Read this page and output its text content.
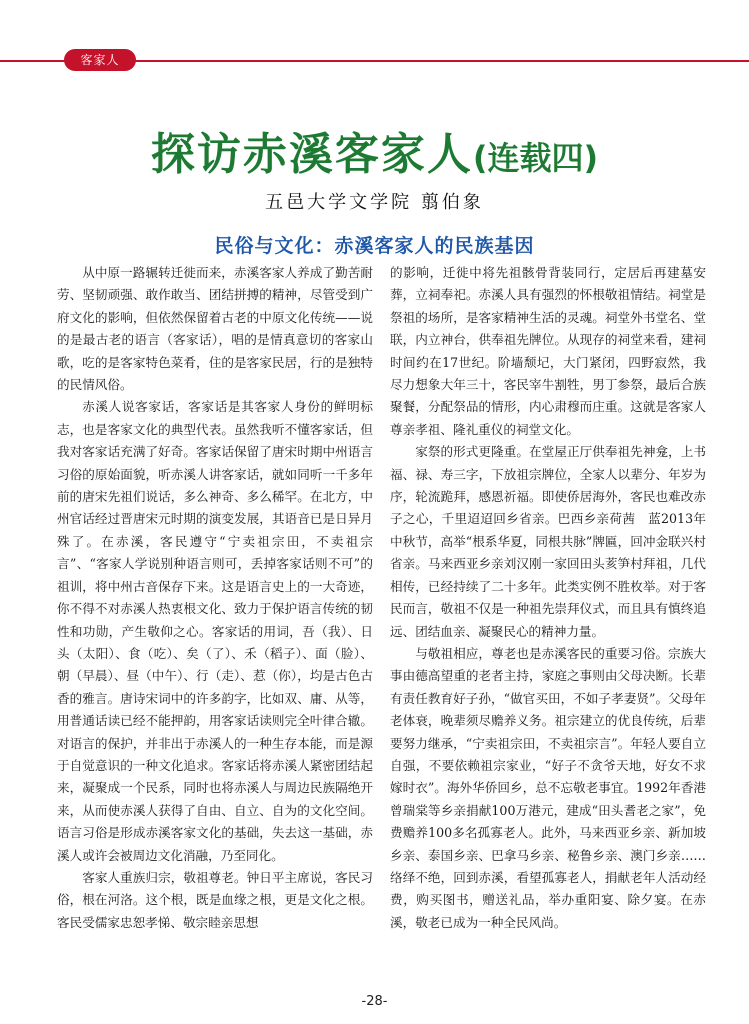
客家人
探访赤溪客家人(连载四)
五邑大学文学院 翦伯象
民俗与文化：赤溪客家人的民族基因

从中原一路辗转迁徙而来，赤溪客家人养成了勤苦耐劳、坚韧顽强、敢作敢当、团结拼搏的精神，尽管受到广府文化的影响，但依然保留着古老的中原文化传统——说的是最古老的语言（客家话），唱的是情真意切的客家山歌，吃的是客家特色菜肴，住的是客家民居，行的是独特的民情风俗。

赤溪人说客家话，客家话是其客家人身份的鲜明标志，也是客家文化的典型代表。虽然我听不懂客家话，但我对客家话充满了好奇。客家话保留了唐宋时期中州语言习俗的原始面貌，听赤溪人讲客家话，就如同听一千多年前的唐宋先祖们说话，多么神奇、多么稀罕。在北方，中州官话经过晋唐宋元时期的演变发展，其语音已是日异月殊了。在赤溪，客民遵守“宁卖祖宗田，不卖祖宗言”、“客家人学说别种语言则可，丢掉客家话则不可”的祖训，将中州古音保存下来。这是语言史上的一大奇迹，你不得不对赤溪人热衷根文化、致力于保护语言传统的韧性和功勋，产生敬仰之心。客家话的用词，吾（我）、日头（太阳）、食（吃）、矣（了）、禾（稻子）、面（脸）、朝（早晨）、昼（中午）、行（走）、惹（你），均是古色古香的雅言。唐诗宋词中的许多韵字，比如双、庸、从等，用普通话读已经不能押韵，用客家话读则完全叶律合辙。对语言的保护，并非出于赤溪人的一种生存本能，而是源于自觉意识的一种文化追求。客家话将赤溪人紧密团结起来，凝聚成一个民系，同时也将赤溪人与周边民族隔绝开来，从而使赤溪人获得了自由、自立、自为的文化空间。语言习俗是形成赤溪客家文化的基础，失去这一基础，赤溪人或许会被周边文化消融，乃至同化。

客家人重族归宗，敬祖尊老。钟日平主席说，客民习俗，根在河洛。这个根，既是血缘之根，更是文化之根。客民受儒家忠恕孝悌、敬宗睦亲思想

的影响，迁徙中将先祖骸骨背装同行，定居后再建墓安葬，立祠奉祀。赤溪人具有强烈的怀根敬祖情结。祠堂是祭祖的场所，是客家精神生活的灵魂。祠堂外书堂名、堂联，内立神台，供奉祖先牌位。从现存的祠堂来看，建祠时间约在17世纪。阶墙颓圮，大门紧闭，四野寂然，我尽力想象大年三十，客民宰牛割牲，男丁参祭，最后合族聚餐，分配祭品的情形，内心肃穆而庄重。这就是客家人尊亲孝祖、隆礼重仪的祠堂文化。

家祭的形式更隆重。在堂屋正厅供奉祖先神龛，上书福、禄、寿三字，下放祖宗牌位，全家人以辈分、年岁为序，轮流跪拜，感恩祈福。即使侨居海外，客民也难改赤子之心，千里迢迢回乡省亲。巴西乡亲荷茜　蓝2013年中秋节，高举“根系华夏，同根共脉”牌匾，回冲金联兴村省亲。马来西亚乡亲刘汉刚一家回田头荄笋村拜祖，几代相传，已经持续了二十多年。此类实例不胜枚举。对于客民而言，敬祖不仅是一种祖先崇拜仪式，而且具有慎终追远、团结血亲、凝聚民心的精神力量。

与敬祖相应，尊老也是赤溪客民的重要习俗。宗族大事由德高望重的老者主持，家庭之事则由父母决断。长辈有责任教育好子孙，“做官买田，不如子孝妻贤”。父母年老体衰，晚辈须尽赡养义务。祖宗建立的优良传统，后辈要努力继承，“宁卖祖宗田，不卖祖宗言”。年轻人要自立自强，不要依赖祖宗家业，“好子不贪爷天地，好女不求嫁时衣”。海外华侨回乡，总不忘敬老事宜。1992年香港曾瑞棠等乡亲捐献100万港元，建成“田头耆老之家”，免费赡养100多名孤寡老人。此外，马来西亚乡亲、新加坡乡亲、泰国乡亲、巴拿马乡亲、秘鲁乡亲、澳门乡亲……络绎不绝，回到赤溪，看望孤寡老人，捐献老年人活动经费，购买图书，赠送礼品，举办重阳宴、除夕宴。在赤溪，敬老已成为一种全民风尚。

-28-
